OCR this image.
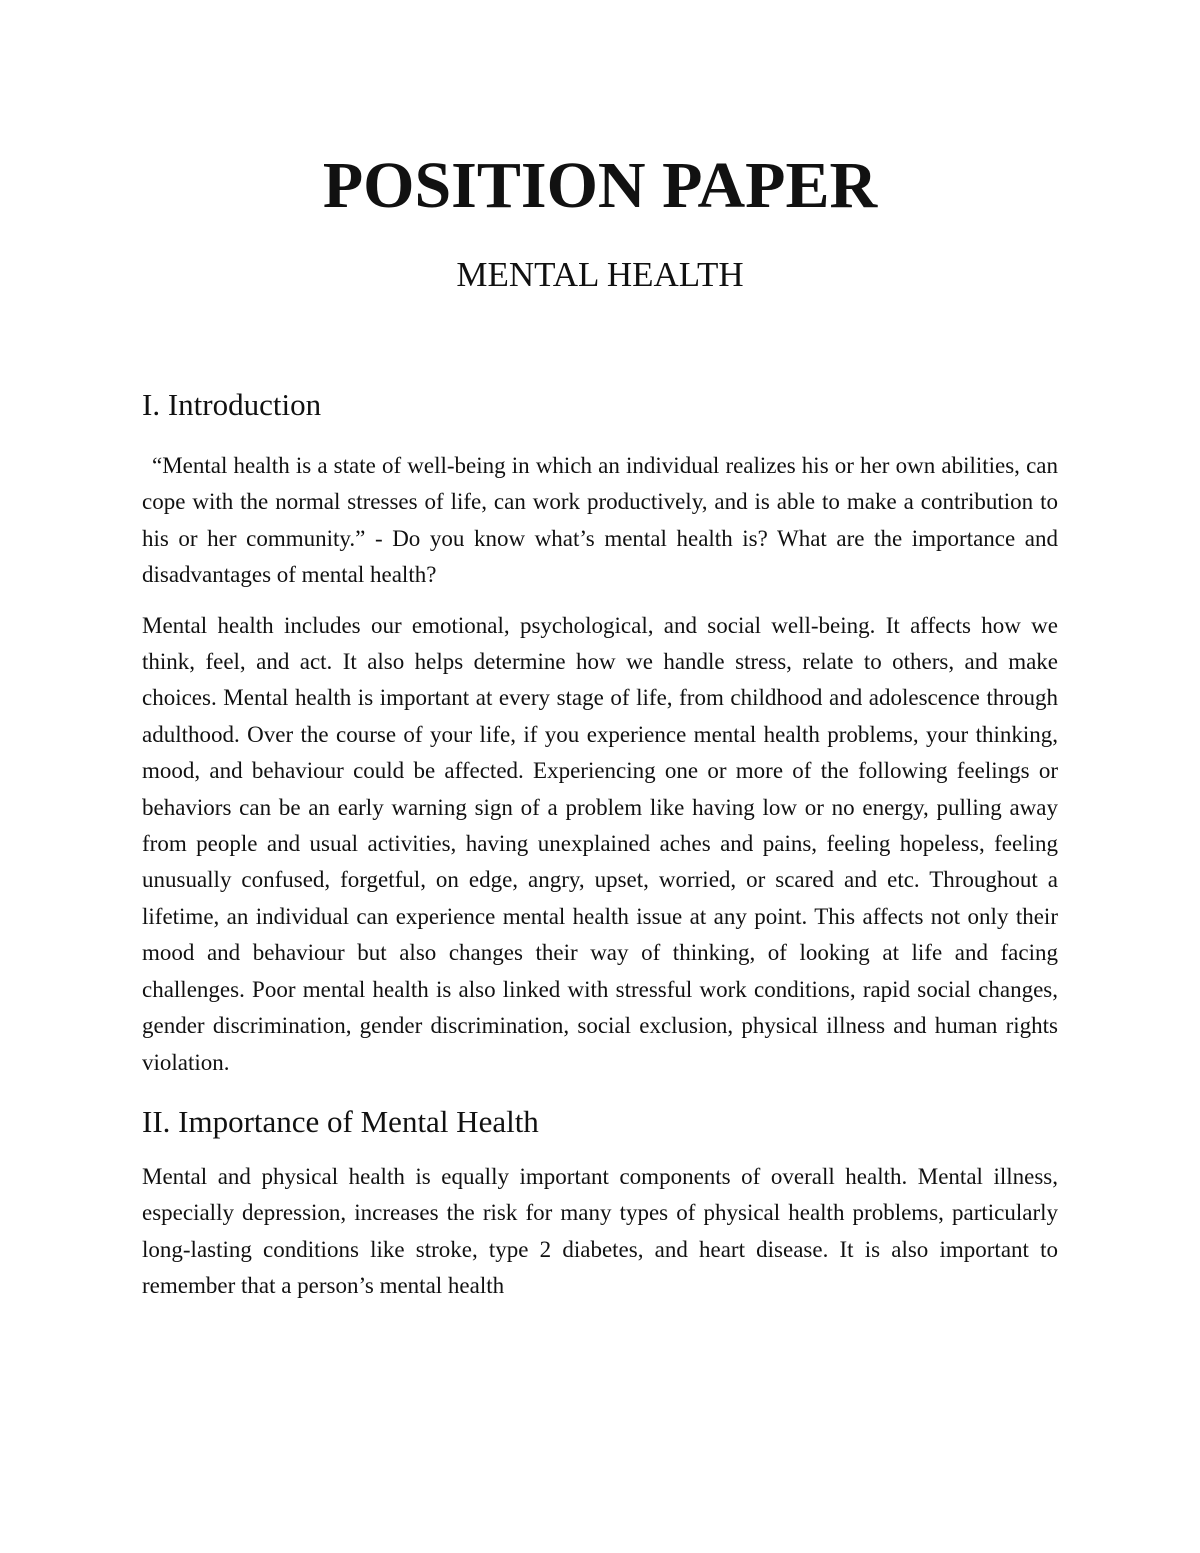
POSITION PAPER
MENTAL HEALTH
I. Introduction

“Mental health is a state of well-being in which an individual realizes his or her own abilities, can cope with the normal stresses of life, can work productively, and is able to make a contribution to his or her community.” - Do you know what’s mental health is? What are the importance and disadvantages of mental health?

Mental health includes our emotional, psychological, and social well-being. It affects how we think, feel, and act. It also helps determine how we handle stress, relate to others, and make choices. Mental health is important at every stage of life, from childhood and adolescence through adulthood. Over the course of your life, if you experience mental health problems, your thinking, mood, and behaviour could be affected. Experiencing one or more of the following feelings or behaviors can be an early warning sign of a problem like having low or no energy, pulling away from people and usual activities, having unexplained aches and pains, feeling hopeless, feeling unusually confused, forgetful, on edge, angry, upset, worried, or scared and etc. Throughout a lifetime, an individual can experience mental health issue at any point. This affects not only their mood and behaviour but also changes their way of thinking, of looking at life and facing challenges. Poor mental health is also linked with stressful work conditions, rapid social changes, gender discrimination, gender discrimination, social exclusion, physical illness and human rights violation.

II. Importance of Mental Health

Mental and physical health is equally important components of overall health. Mental illness, especially depression, increases the risk for many types of physical health problems, particularly long-lasting conditions like stroke, type 2 diabetes, and heart disease. It is also important to remember that a person’s mental health
